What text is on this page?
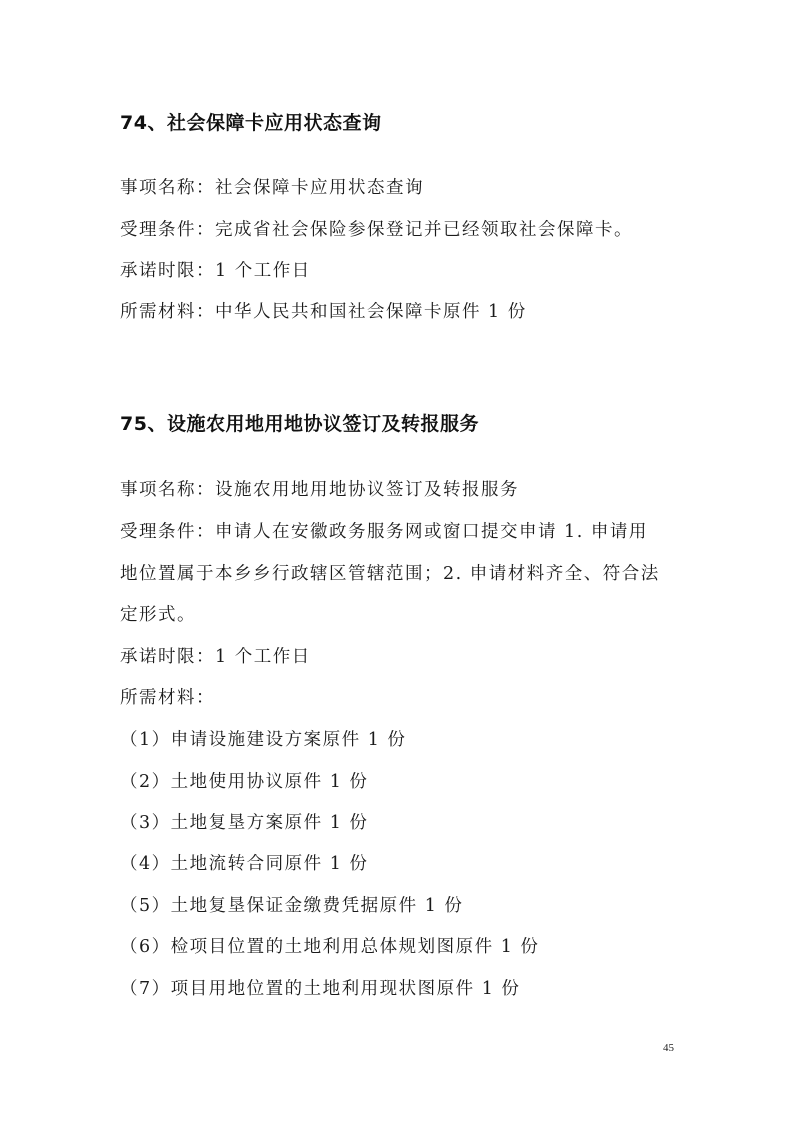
74、社会保障卡应用状态查询
事项名称：社会保障卡应用状态查询
受理条件：完成省社会保险参保登记并已经领取社会保障卡。
承诺时限：1 个工作日
所需材料：中华人民共和国社会保障卡原件 1 份
75、设施农用地用地协议签订及转报服务
事项名称：设施农用地用地协议签订及转报服务
受理条件：申请人在安徽政务服务网或窗口提交申请 1. 申请用
地位置属于本乡乡行政辖区管辖范围；2. 申请材料齐全、符合法
定形式。
承诺时限：1 个工作日
所需材料：
（1）申请设施建设方案原件 1 份
（2）土地使用协议原件 1 份
（3）土地复垦方案原件 1 份
（4）土地流转合同原件 1 份
（5）土地复垦保证金缴费凭据原件 1 份
（6）检项目位置的土地利用总体规划图原件 1 份
（7）项目用地位置的土地利用现状图原件 1 份
45
